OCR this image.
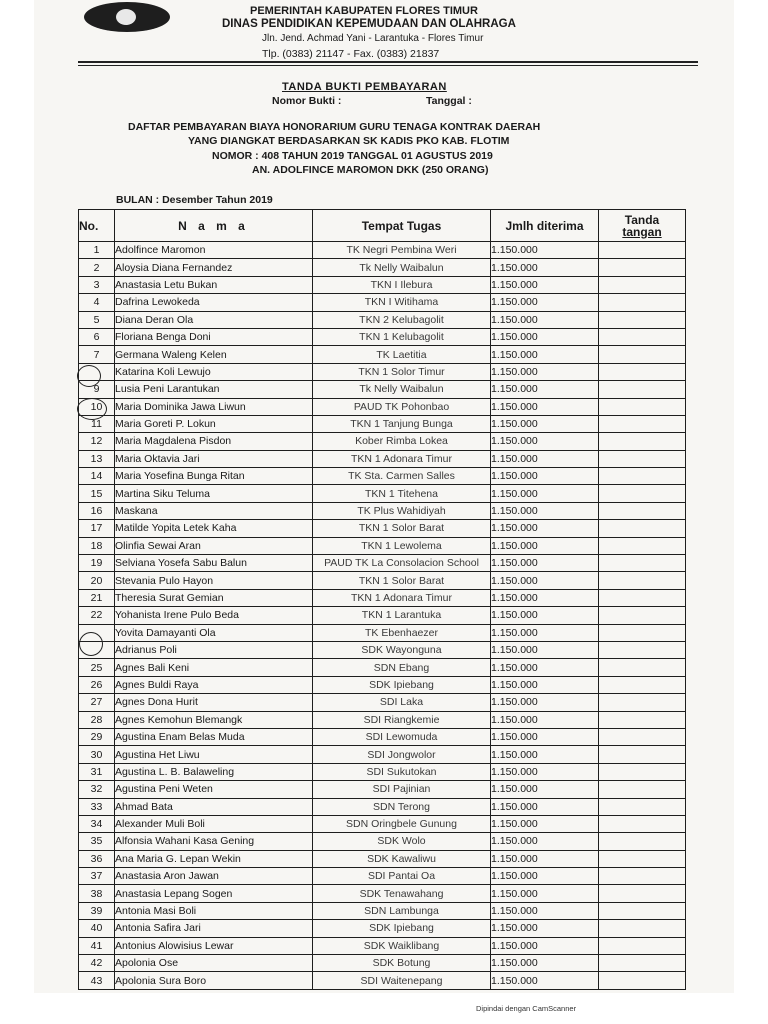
PEMERINTAH KABUPATEN FLORES TIMUR
DINAS PENDIDIKAN KEPEMUDAAN DAN OLAHRAGA
Jln. Jend. Achmad Yani - Larantuka - Flores Timur
Tlp. (0383) 21147 - Fax. (0383) 21837
TANDA BUKTI PEMBAYARAN
Nomor Bukti :	Tanggal :
DAFTAR PEMBAYARAN BIAYA HONORARIUM GURU TENAGA KONTRAK DAERAH
YANG DIANGKAT BERDASARKAN SK KADIS PKO KAB. FLOTIM
NOMOR : 408 TAHUN 2019 TANGGAL 01 AGUSTUS 2019
AN. ADOLFINCE MAROMON DKK (250 ORANG)
BULAN : Desember Tahun 2019
No.	N a m a	Tempat Tugas	Jmlh diterima	Tanda
tangan

1	Adolfince Maromon	TK Negri Pembina Weri	1.150.000	
2	Aloysia Diana Fernandez	Tk Nelly Waibalun	1.150.000	
3	Anastasia Letu Bukan	TKN I Ilebura	1.150.000	
4	Dafrina Lewokeda	TKN I Witihama	1.150.000	
5	Diana Deran Ola	TKN 2 Kelubagolit	1.150.000	
6	Floriana Benga Doni	TKN 1 Kelubagolit	1.150.000	
7	Germana Waleng Kelen	TK Laetitia	1.150.000	
	Katarina Koli Lewujo	TKN 1 Solor Timur	1.150.000	
9	Lusia Peni Larantukan	Tk Nelly Waibalun	1.150.000	
10	Maria Dominika Jawa Liwun	PAUD TK Pohonbao	1.150.000	
11	Maria Goreti P. Lokun	TKN 1 Tanjung Bunga	1.150.000	
12	Maria Magdalena Pisdon	Kober Rimba Lokea	1.150.000	
13	Maria Oktavia Jari	TKN 1 Adonara Timur	1.150.000	
14	Maria Yosefina Bunga Ritan	TK Sta. Carmen Salles	1.150.000	
15	Martina Siku Teluma	TKN 1 Titehena	1.150.000	
16	Maskana	TK Plus Wahidiyah	1.150.000	
17	Matilde Yopita Letek Kaha	TKN 1 Solor Barat	1.150.000	
18	Olinfia Sewai Aran	TKN 1 Lewolema	1.150.000	
19	Selviana Yosefa Sabu Balun	PAUD TK La Consolacion School	1.150.000	
20	Stevania Pulo Hayon	TKN 1 Solor Barat	1.150.000	
21	Theresia Surat Gemian	TKN 1 Adonara Timur	1.150.000	
22	Yohanista Irene Pulo Beda	TKN 1 Larantuka	1.150.000	
	Yovita Damayanti Ola	TK Ebenhaezer	1.150.000	
	Adrianus Poli	SDK Wayonguna	1.150.000	
25	Agnes Bali Keni	SDN Ebang	1.150.000	
26	Agnes Buldi Raya	SDK Ipiebang	1.150.000	
27	Agnes Dona Hurit	SDI Laka	1.150.000	
28	Agnes Kemohun Blemangk	SDI Riangkemie	1.150.000	
29	Agustina Enam Belas Muda	SDI Lewomuda	1.150.000	
30	Agustina Het Liwu	SDI Jongwolor	1.150.000	
31	Agustina L. B. Balaweling	SDI Sukutokan	1.150.000	
32	Agustina Peni Weten	SDI Pajinian	1.150.000	
33	Ahmad Bata	SDN Terong	1.150.000	
34	Alexander Muli Boli	SDN Oringbele Gunung	1.150.000	
35	Alfonsia Wahani Kasa Gening	SDK Wolo	1.150.000	
36	Ana Maria G. Lepan Wekin	SDK Kawaliwu	1.150.000	
37	Anastasia Aron Jawan	SDI Pantai Oa	1.150.000	
38	Anastasia Lepang Sogen	SDK Tenawahang	1.150.000	
39	Antonia Masi Boli	SDN Lambunga	1.150.000	
40	Antonia Safira Jari	SDK Ipiebang	1.150.000	
41	Antonius Alowisius Lewar	SDK Waiklibang	1.150.000	
42	Apolonia Ose	SDK Botung	1.150.000	
43	Apolonia Sura Boro	SDI Waitenepang	1.150.000	
Dipindai dengan CamScanner
